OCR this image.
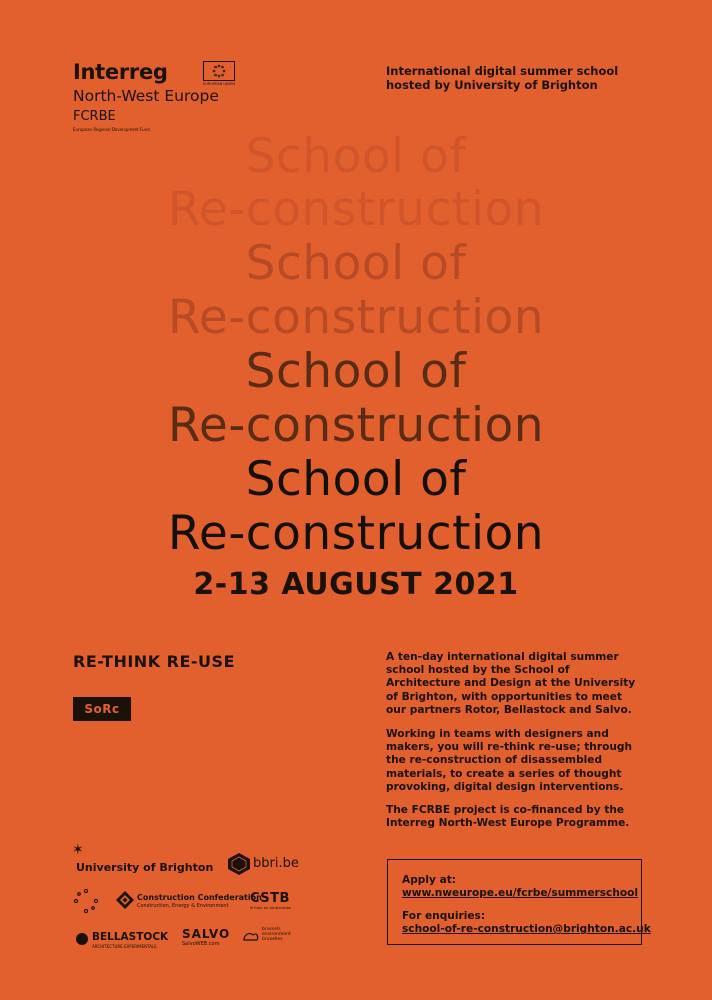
Interreg
North-West Europe
FCRBE
European Regional Development Fund
EUROPEAN UNION
International digital summer school
hosted by University of Brighton
School of
Re-construction
School of
Re-construction
School of
Re-construction
School of
Re-construction
2-13 AUGUST 2021
RE-THINK RE-USE
SoRc
A ten-day international digital summer school hosted by the School of Architecture and Design at the University of Brighton, with opportunities to meet our partners Rotor, Bellastock and Salvo.
Working in teams with designers and makers, you will re-think re-use; through the re-construction of disassembled materials, to create a series of thought provoking, digital design interventions.
The FCRBE project is co-financed by the Interreg North-West Europe Programme.
✶
University of Brighton	bbri.be
Construction Confederation
Construction, Energy & Environment CSTB
le futur en construction
BELLASTOCK
ARCHITECTURE EXPERIMENTALE
SALVO
SalvoWEB.com
brussels environment bruxelles
Apply at:
www.nweurope.eu/fcrbe/summerschool
For enquiries:
school-of-re-construction@brighton.ac.uk
